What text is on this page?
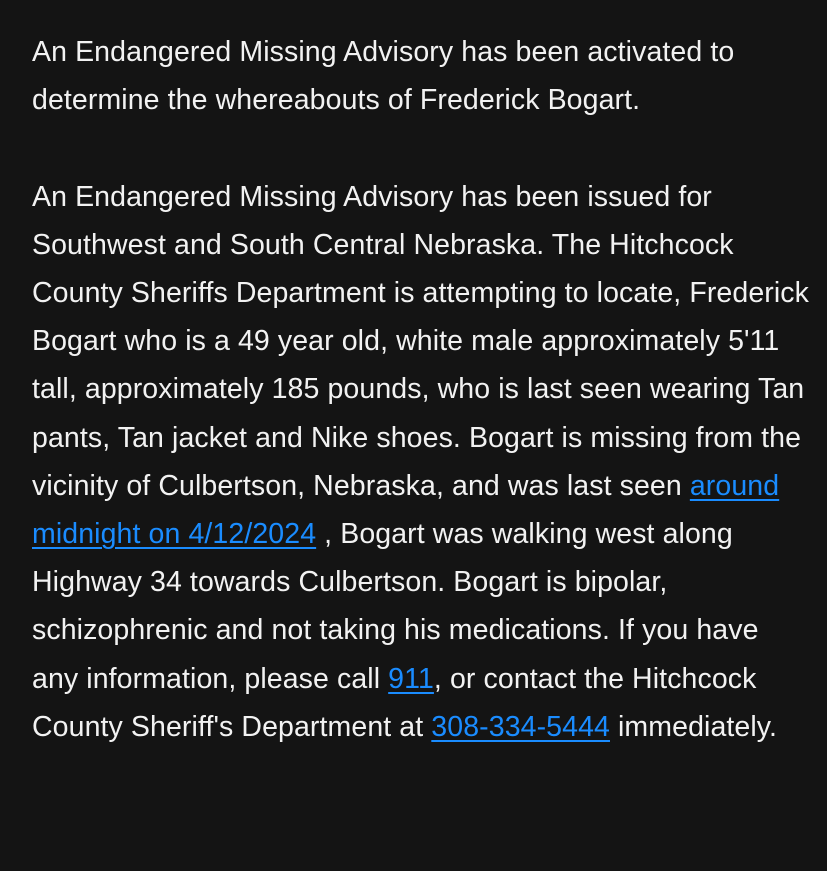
An Endangered Missing Advisory has been activated to determine the whereabouts of Frederick Bogart.

An Endangered Missing Advisory has been issued for Southwest and South Central Nebraska. The Hitchcock County Sheriffs Department is attempting to locate, Frederick Bogart who is a 49 year old, white male approximately 5'11 tall, approximately 185 pounds, who is last seen wearing Tan pants, Tan jacket and Nike shoes. Bogart is missing from the vicinity of Culbertson, Nebraska, and was last seen around midnight on 4/12/2024 , Bogart was walking west along Highway 34 towards Culbertson. Bogart is bipolar, schizophrenic and not taking his medications. If you have any information, please call 911, or contact the Hitchcock County Sheriff's Department at 308-334-5444 immediately.
